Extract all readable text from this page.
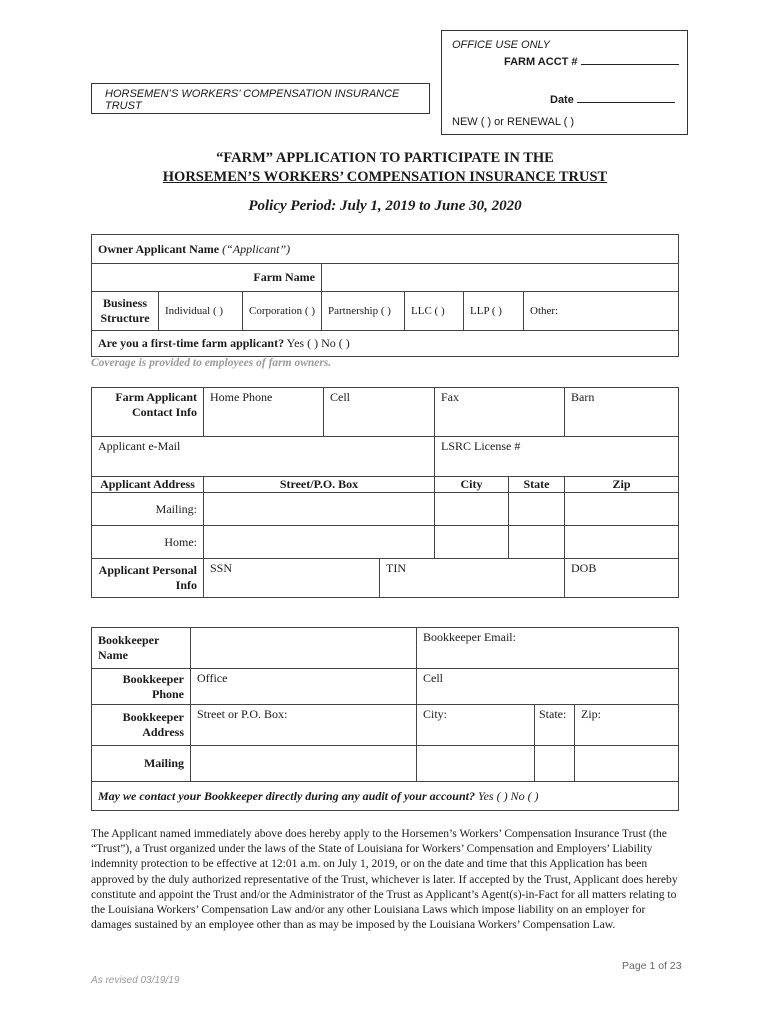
OFFICE USE ONLY
FARM ACCT #
Date
NEW ( ) or RENEWAL ( )
HORSEMEN’S WORKERS’ COMPENSATION INSURANCE TRUST
“FARM” APPLICATION TO PARTICIPATE IN THE
HORSEMEN’S WORKERS’ COMPENSATION INSURANCE TRUST
Policy Period: July 1, 2019 to June 30, 2020
Owner Applicant Name (“Applicant”)						
Farm Name						

Business
Structure	Individual ( )	Corporation ( )	Partnership ( )	LLC ( )	LLP ( )	Other:
Are you a first-time farm applicant? Yes ( ) No ( )						
Coverage is provided to employees of farm owners.
Farm Applicant
Contact Info	Home Phone	Cell		Fax		Barn
Applicant e-Mail				LSRC License #		
Applicant Address	Street/P.O. Box			City	State	Zip
Mailing:						
Home:						

Applicant Personal
Info	SSN		TIN			DOB
Bookkeeper Name		Bookkeeper Email:		

Bookkeeper
Phone	Office	Cell		

Bookkeeper
Address	Street or P.O. Box:	City:	State:	Zip:
Mailing				
May we contact your Bookkeeper directly during any audit of your account? Yes ( ) No ( )				
The Applicant named immediately above does hereby apply to the Horsemen’s Workers’ Compensation Insurance Trust (the “Trust”), a Trust organized under the laws of the State of Louisiana for Workers’ Compensation and Employers’ Liability indemnity protection to be effective at 12:01 a.m. on July 1, 2019, or on the date and time that this Application has been approved by the duly authorized representative of the Trust, whichever is later. If accepted by the Trust, Applicant does hereby constitute and appoint the Trust and/or the Administrator of the Trust as Applicant’s Agent(s)-in-Fact for all matters relating to the Louisiana Workers’ Compensation Law and/or any other Louisiana Laws which impose liability on an employer for damages sustained by an employee other than as may be imposed by the Louisiana Workers’ Compensation Law.
Page 1 of 23
As revised 03/19/19
